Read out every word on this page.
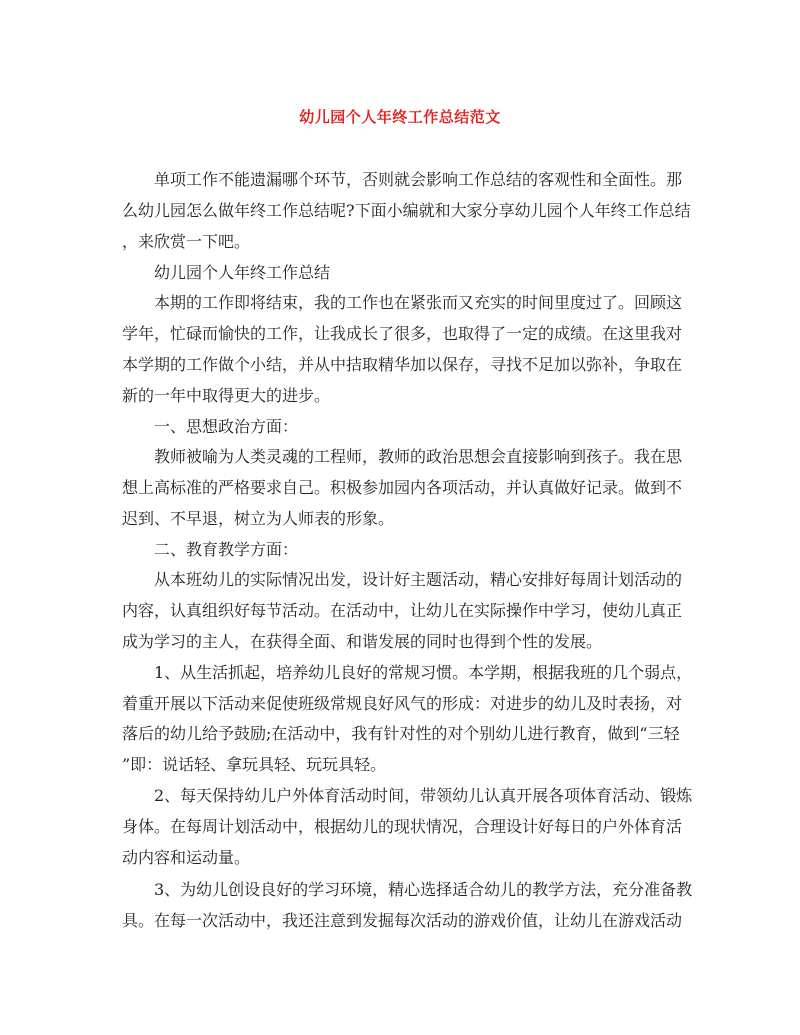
幼儿园个人年终工作总结范文
单项工作不能遗漏哪个环节，否则就会影响工作总结的客观性和全面性。那
么幼儿园怎么做年终工作总结呢?下面小编就和大家分享幼儿园个人年终工作总结
，来欣赏一下吧。
幼儿园个人年终工作总结
本期的工作即将结束，我的工作也在紧张而又充实的时间里度过了。回顾这
学年，忙碌而愉快的工作，让我成长了很多，也取得了一定的成绩。在这里我对
本学期的工作做个小结，并从中拮取精华加以保存，寻找不足加以弥补，争取在
新的一年中取得更大的进步。
一、思想政治方面：
教师被喻为人类灵魂的工程师，教师的政治思想会直接影响到孩子。我在思
想上高标准的严格要求自己。积极参加园内各项活动，并认真做好记录。做到不
迟到、不早退，树立为人师表的形象。
二、教育教学方面：
从本班幼儿的实际情况出发，设计好主题活动，精心安排好每周计划活动的
内容，认真组织好每节活动。在活动中，让幼儿在实际操作中学习，使幼儿真正
成为学习的主人，在获得全面、和谐发展的同时也得到个性的发展。
1、从生活抓起，培养幼儿良好的常规习惯。本学期，根据我班的几个弱点，
着重开展以下活动来促使班级常规良好风气的形成：对进步的幼儿及时表扬，对
落后的幼儿给予鼓励;在活动中，我有针对性的对个别幼儿进行教育，做到“三轻
”即：说话轻、拿玩具轻、玩玩具轻。
2、每天保持幼儿户外体育活动时间，带领幼儿认真开展各项体育活动、锻炼
身体。在每周计划活动中，根据幼儿的现状情况，合理设计好每日的户外体育活
动内容和运动量。
3、为幼儿创设良好的学习环境，精心选择适合幼儿的教学方法，充分准备教
具。在每一次活动中，我还注意到发掘每次活动的游戏价值，让幼儿在游戏活动
